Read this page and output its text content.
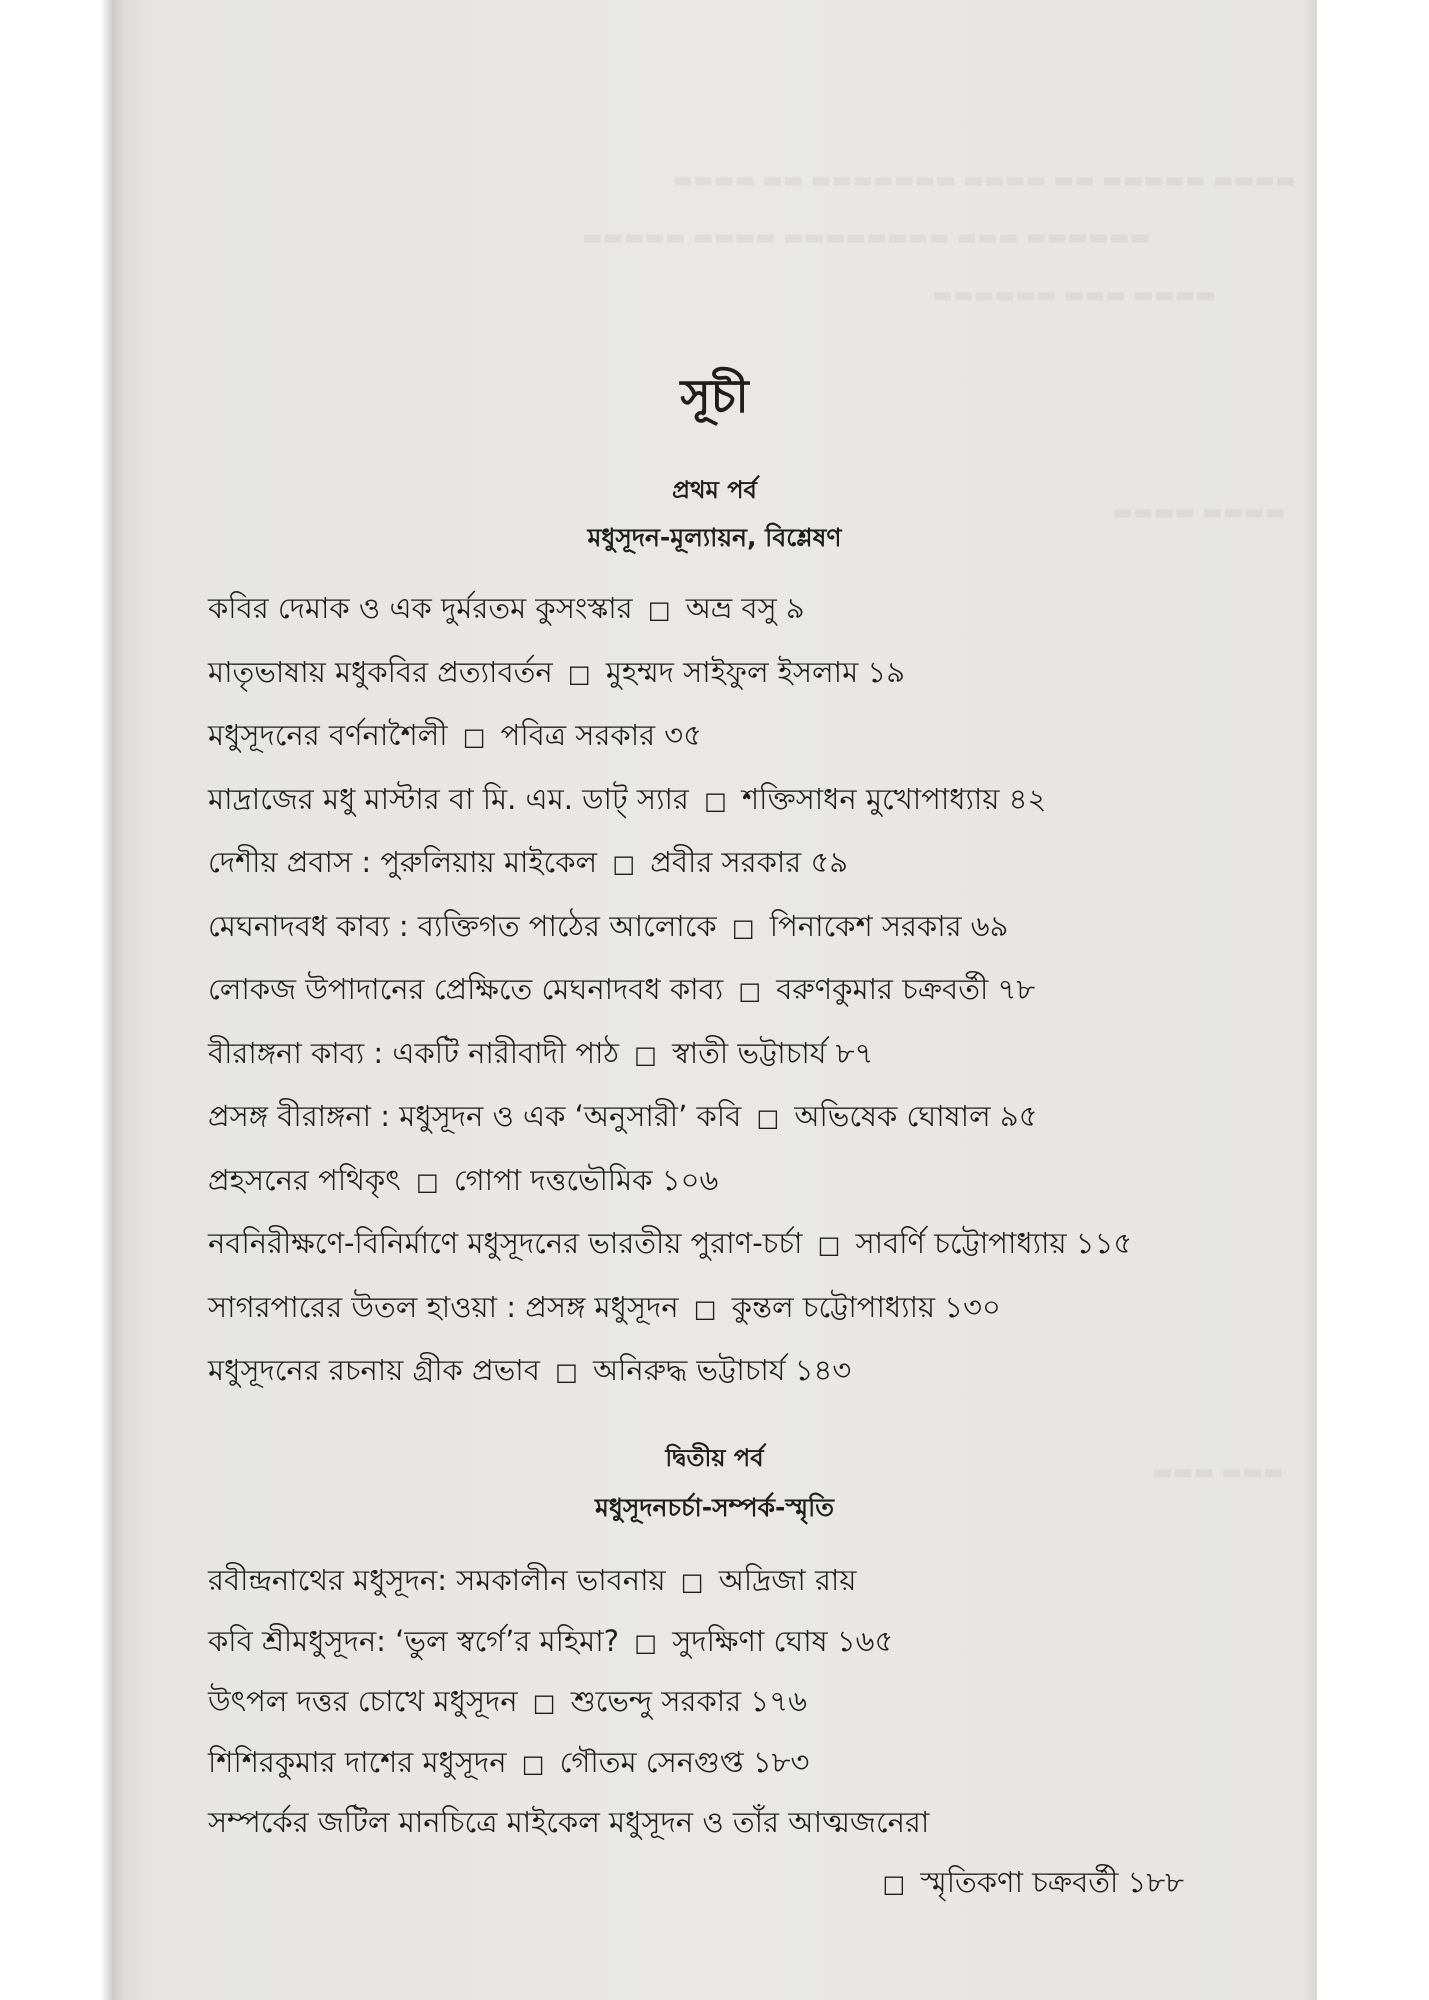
সূচী
প্রথম পর্ব
মধুসূদন-মূল্যায়ন, বিশ্লেষণ
কবির দেমাক ও এক দুর্মরতম কুসংস্কার □ অভ্র বসু ৯
মাতৃভাষায় মধুকবির প্রত্যাবর্তন □ মুহম্মদ সাইফুল ইসলাম ১৯
মধুসূদনের বর্ণনাশৈলী □ পবিত্র সরকার ৩৫
মাদ্রাজের মধু মাস্টার বা মি. এম. ডাট্ স্যার □ শক্তিসাধন মুখোপাধ্যায় ৪২
দেশীয় প্রবাস : পুরুলিয়ায় মাইকেল □ প্রবীর সরকার ৫৯
মেঘনাদবধ কাব্য : ব্যক্তিগত পাঠের আলোকে □ পিনাকেশ সরকার ৬৯
লোকজ উপাদানের প্রেক্ষিতে মেঘনাদবধ কাব্য □ বরুণকুমার চক্রবর্তী ৭৮
বীরাঙ্গনা কাব্য : একটি নারীবাদী পাঠ □ স্বাতী ভট্টাচার্য ৮৭
প্রসঙ্গ বীরাঙ্গনা : মধুসূদন ও এক ‘অনুসারী’ কবি □ অভিষেক ঘোষাল ৯৫
প্রহসনের পথিকৃৎ □ গোপা দত্তভৌমিক ১০৬
নবনিরীক্ষণে-বিনির্মাণে মধুসূদনের ভারতীয় পুরাণ-চর্চা □ সাবর্ণি চট্টোপাধ্যায় ১১৫
সাগরপারের উতল হাওয়া : প্রসঙ্গ মধুসূদন □ কুন্তল চট্টোপাধ্যায় ১৩০
মধুসূদনের রচনায় গ্রীক প্রভাব □ অনিরুদ্ধ ভট্টাচার্য ১৪৩
দ্বিতীয় পর্ব
মধুসূদনচর্চা-সম্পর্ক-স্মৃতি
রবীন্দ্রনাথের মধুসূদন: সমকালীন ভাবনায় □ অদ্রিজা রায়
কবি শ্রীমধুসূদন: ‘ভুল স্বর্গে’র মহিমা? □ সুদক্ষিণা ঘোষ ১৬৫
উৎপল দত্তর চোখে মধুসূদন □ শুভেন্দু সরকার ১৭৬
শিশিরকুমার দাশের মধুসূদন □ গৌতম সেনগুপ্ত ১৮৩
সম্পর্কের জটিল মানচিত্রে মাইকেল মধুসূদন ও তাঁর আত্মজনেরা
□ স্মৃতিকণা চক্রবর্তী ১৮৮
